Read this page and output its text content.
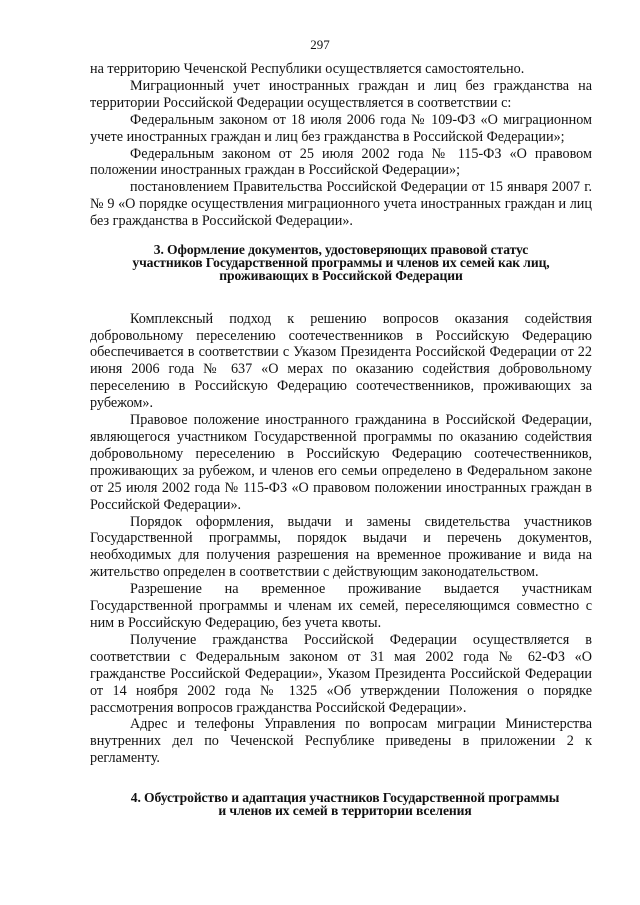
297

на территорию Чеченской Республики осуществляется самостоятельно.

Миграционный учет иностранных граждан и лиц без гражданства на территории Российской Федерации осуществляется в соответствии с:

Федеральным законом от 18 июля 2006 года № 109-ФЗ «О миграционном учете иностранных граждан и лиц без гражданства в Российской Федерации»;

Федеральным законом от 25 июля 2002 года № 115-ФЗ «О правовом положении иностранных граждан в Российской Федерации»;

постановлением Правительства Российской Федерации от 15 января 2007 г. № 9 «О порядке осуществления миграционного учета иностранных граждан и лиц без гражданства в Российской Федерации».

3. Оформление документов, удостоверяющих правовой статус
участников Государственной программы и членов их семей как лиц,
проживающих в Российской Федерации

Комплексный подход к решению вопросов оказания содействия добровольному переселению соотечественников в Российскую Федерацию обеспечивается в соответствии с Указом Президента Российской Федерации от 22 июня 2006 года № 637 «О мерах по оказанию содействия добровольному переселению в Российскую Федерацию соотечественников, проживающих за рубежом».

Правовое положение иностранного гражданина в Российской Федерации, являющегося участником Государственной программы по оказанию содействия добровольному переселению в Российскую Федерацию соотечественников, проживающих за рубежом, и членов его семьи определено в Федеральном законе от 25 июля 2002 года № 115-ФЗ «О правовом положении иностранных граждан в Российской Федерации».

Порядок оформления, выдачи и замены свидетельства участников Государственной программы, порядок выдачи и перечень документов, необходимых для получения разрешения на временное проживание и вида на жительство определен в соответствии с действующим законодательством.

Разрешение на временное проживание выдается участникам Государственной программы и членам их семей, переселяющимся совместно с ним в Российскую Федерацию, без учета квоты.

Получение гражданства Российской Федерации осуществляется в соответствии с Федеральным законом от 31 мая 2002 года № 62-ФЗ «О гражданстве Российской Федерации», Указом Президента Российской Федерации от 14 ноября 2002 года № 1325 «Об утверждении Положения о порядке рассмотрения вопросов гражданства Российской Федерации».

Адрес и телефоны Управления по вопросам миграции Министерства внутренних дел по Чеченской Республике приведены в приложении 2 к регламенту.

4. Обустройство и адаптация участников Государственной программы
и членов их семей в территории вселения
